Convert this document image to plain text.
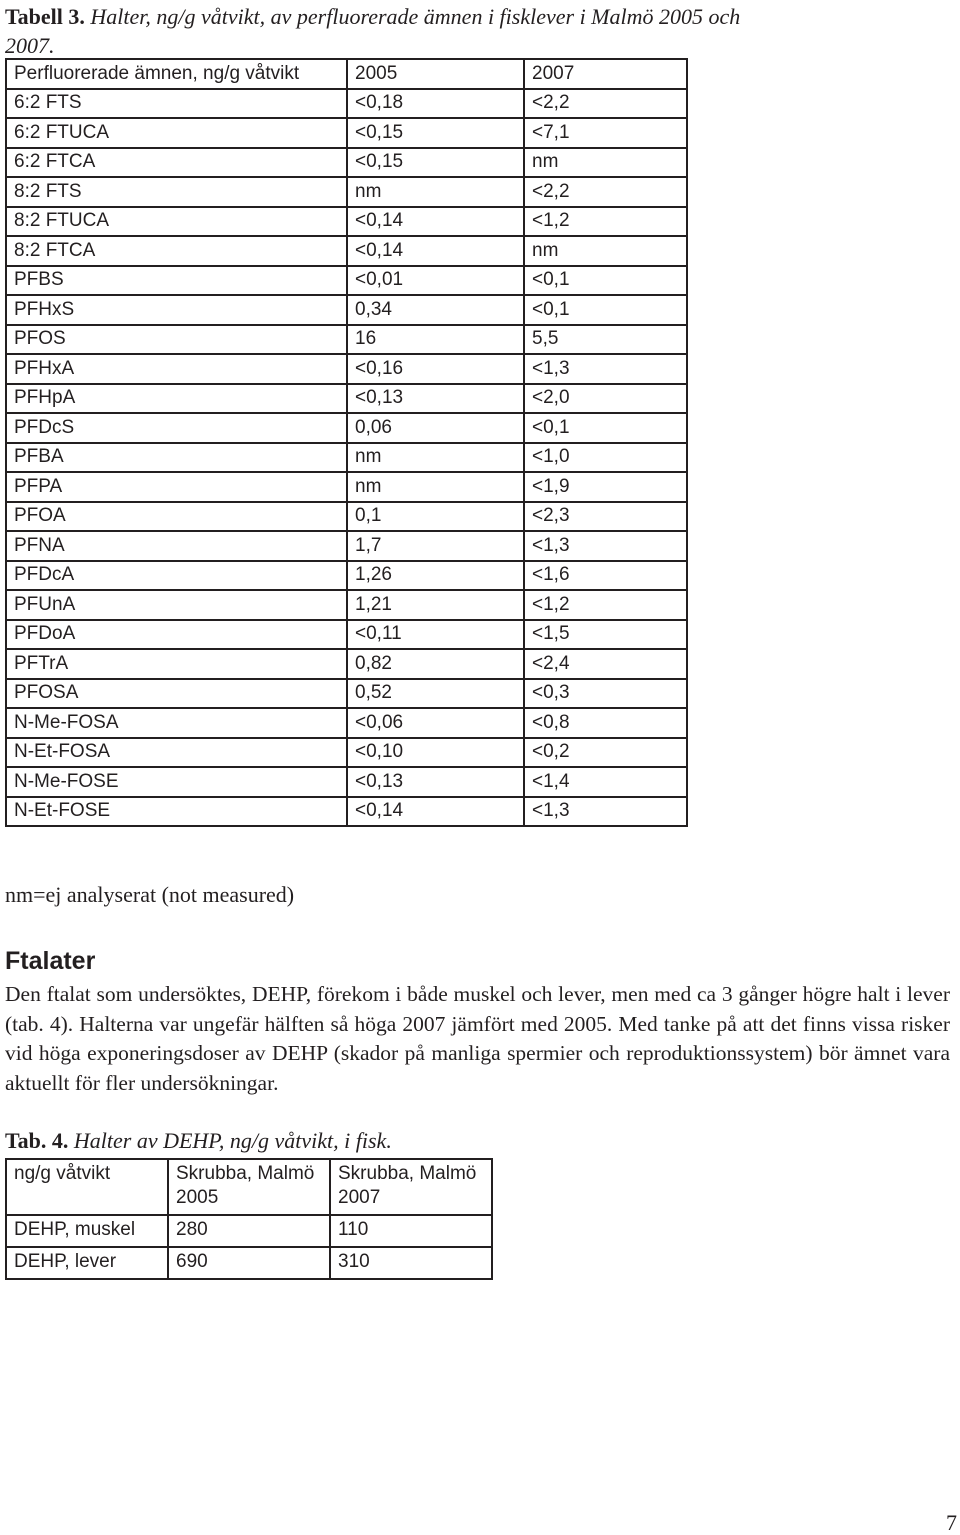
Tabell 3. Halter, ng/g våtvikt, av perfluorerade ämnen i fisklever i Malmö 2005 och 2007.
Perfluorerade ämnen, ng/g våtvikt	2005	2007
6:2 FTS	<0,18	<2,2
6:2 FTUCA	<0,15	<7,1
6:2 FTCA	<0,15	nm
8:2 FTS	nm	<2,2
8:2 FTUCA	<0,14	<1,2
8:2 FTCA	<0,14	nm
PFBS	<0,01	<0,1
PFHxS	0,34	<0,1
PFOS	16	5,5
PFHxA	<0,16	<1,3
PFHpA	<0,13	<2,0
PFDcS	0,06	<0,1
PFBA	nm	<1,0
PFPA	nm	<1,9
PFOA	0,1	<2,3
PFNA	1,7	<1,3
PFDcA	1,26	<1,6
PFUnA	1,21	<1,2
PFDoA	<0,11	<1,5
PFTrA	0,82	<2,4
PFOSA	0,52	<0,3
N-Me-FOSA	<0,06	<0,8
N-Et-FOSA	<0,10	<0,2
N-Me-FOSE	<0,13	<1,4
N-Et-FOSE	<0,14	<1,3
nm=ej analyserat (not measured)
Ftalater
Den ftalat som undersöktes, DEHP, förekom i både muskel och lever, men med ca 3 gånger högre halt i lever (tab. 4). Halterna var ungefär hälften så höga 2007 jämfört med 2005. Med tanke på att det finns vissa risker vid höga exponeringsdoser av DEHP (skador på manliga spermier och reproduktionssystem) bör ämnet vara aktuellt för fler undersökningar.
Tab. 4. Halter av DEHP, ng/g våtvikt, i fisk.
ng/g våtvikt	Skrubba, Malmö 2005	Skrubba, Malmö 2007
DEHP, muskel	280	110
DEHP, lever	690	310
7
